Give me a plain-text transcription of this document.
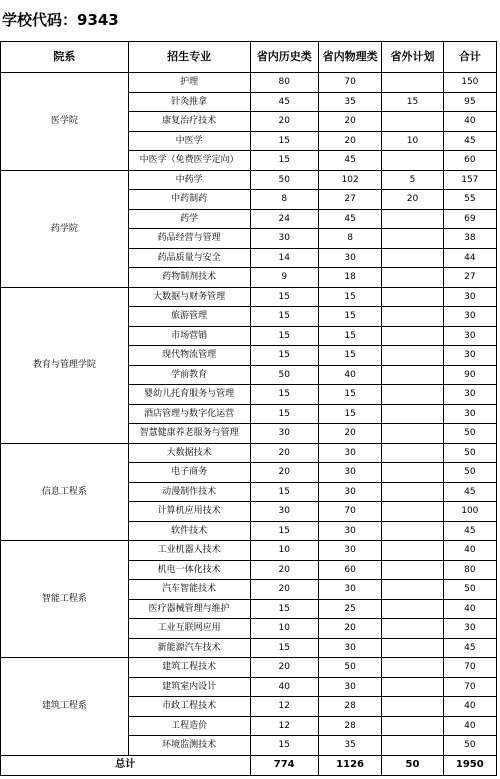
学校代码：9343
院系	招生专业	省内历史类	省内物理类	省外计划	合计
医学院	护理	80	70		150
	针灸推拿	45	35	15	95
	康复治疗技术	20	20		40
	中医学	15	20	10	45
	中医学（免费医学定向）	15	45		60
药学院	中药学	50	102	5	157
	中药制药	8	27	20	55
	药学	24	45		69
	药品经营与管理	30	8		38
	药品质量与安全	14	30		44
	药物制剂技术	9	18		27
教育与管理学院	大数据与财务管理	15	15		30
	旅游管理	15	15		30
	市场营销	15	15		30
	现代物流管理	15	15		30
	学前教育	50	40		90
	婴幼儿托育服务与管理	15	15		30
	酒店管理与数字化运营	15	15		30
	智慧健康养老服务与管理	30	20		50
信息工程系	大数据技术	20	30		50
	电子商务	20	30		50
	动漫制作技术	15	30		45
	计算机应用技术	30	70		100
	软件技术	15	30		45
智能工程系	工业机器人技术	10	30		40
	机电一体化技术	20	60		80
	汽车智能技术	20	30		50
	医疗器械管理与维护	15	25		40
	工业互联网应用	10	20		30
	新能源汽车技术	15	30		45
建筑工程系	建筑工程技术	20	50		70
	建筑室内设计	40	30		70
	市政工程技术	12	28		40
	工程造价	12	28		40
	环境监测技术	15	35		50
总计		774	1126	50	1950
